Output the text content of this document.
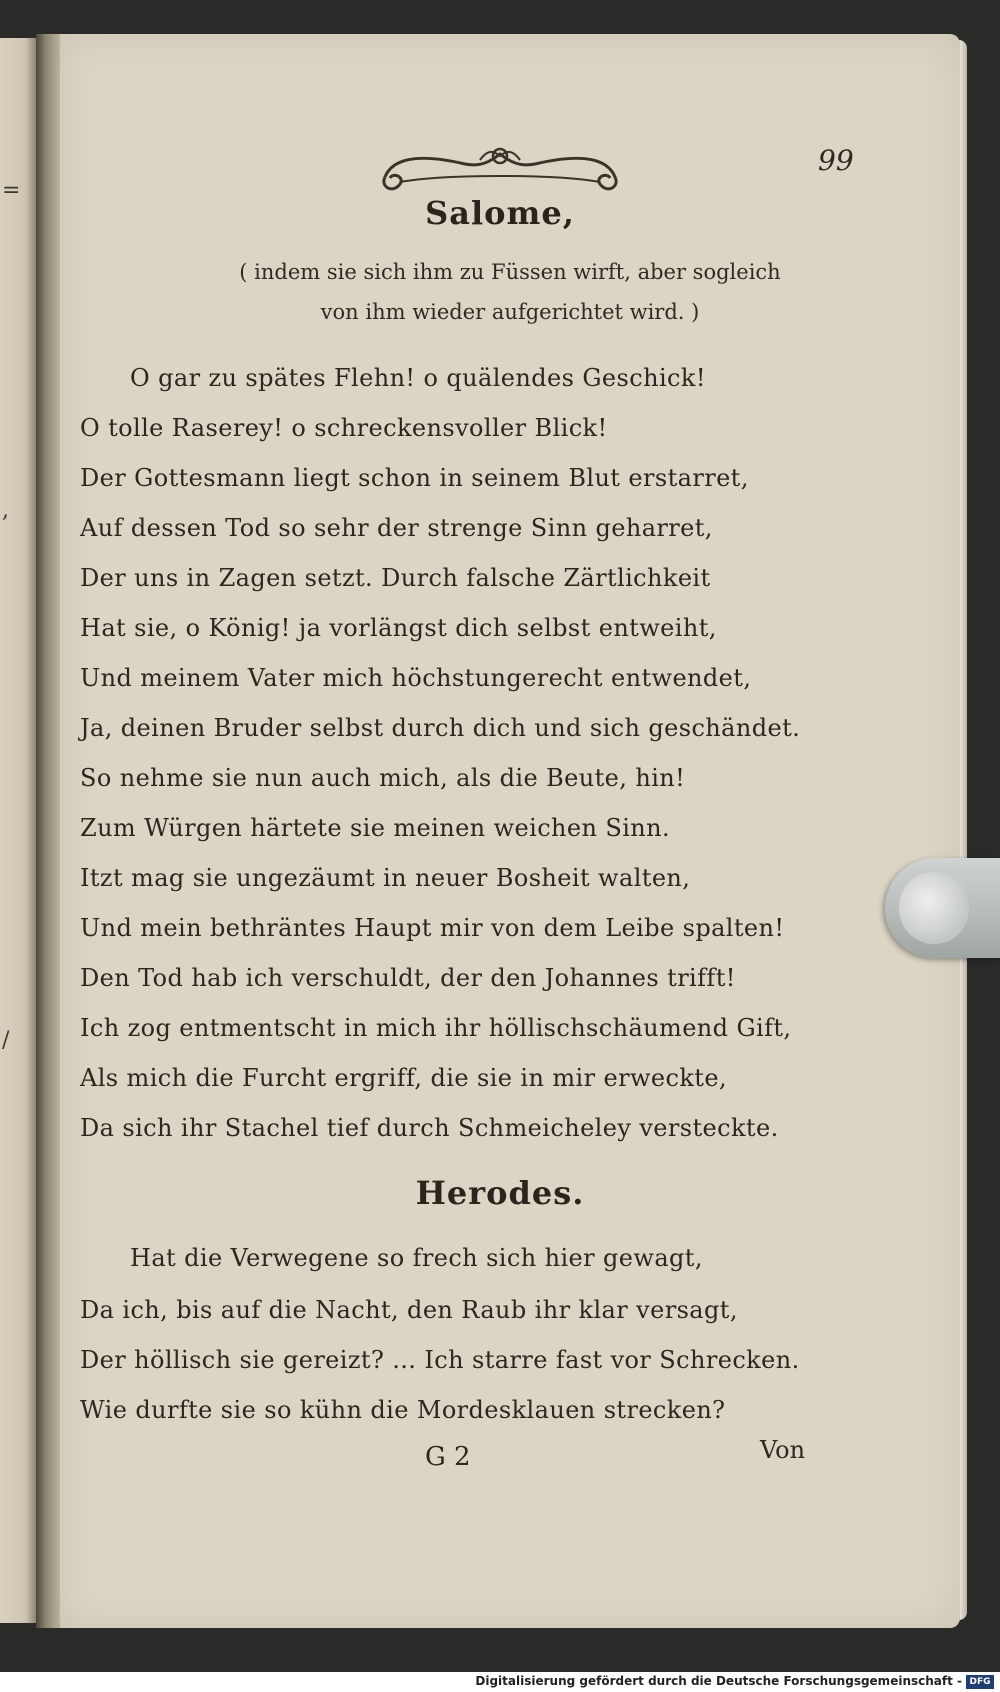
=
,
/
99
Salome,
( indem sie sich ihm zu Füssen wirft, aber sogleich
von ihm wieder aufgerichtet wird. )
O gar zu spätes Flehn! o quälendes Geschick!
O tolle Raserey! o schreckensvoller Blick!
Der Gottesmann liegt schon in seinem Blut erstarret,
Auf dessen Tod so sehr der strenge Sinn geharret,
Der uns in Zagen setzt. Durch falsche Zärtlichkeit
Hat sie, o König! ja vorlängst dich selbst entweiht,
Und meinem Vater mich höchstungerecht entwendet,
Ja, deinen Bruder selbst durch dich und sich geschändet.
So nehme sie nun auch mich, als die Beute, hin!
Zum Würgen härtete sie meinen weichen Sinn.
Itzt mag sie ungezäumt in neuer Bosheit walten,
Und mein bethräntes Haupt mir von dem Leibe spalten!
Den Tod hab ich verschuldt, der den Johannes trifft!
Ich zog entmentscht in mich ihr höllischschäumend Gift,
Als mich die Furcht ergriff, die sie in mir erweckte,
Da sich ihr Stachel tief durch Schmeicheley versteckte.
Herodes.
Hat die Verwegene so frech sich hier gewagt,
Da ich, bis auf die Nacht, den Raub ihr klar versagt,
Der höllisch sie gereizt? ... Ich starre fast vor Schrecken.
Wie durfte sie so kühn die Mordesklauen strecken?
G 2	Von
Digitalisierung gefördert durch die Deutsche Forschungsgemeinschaft - DFG
